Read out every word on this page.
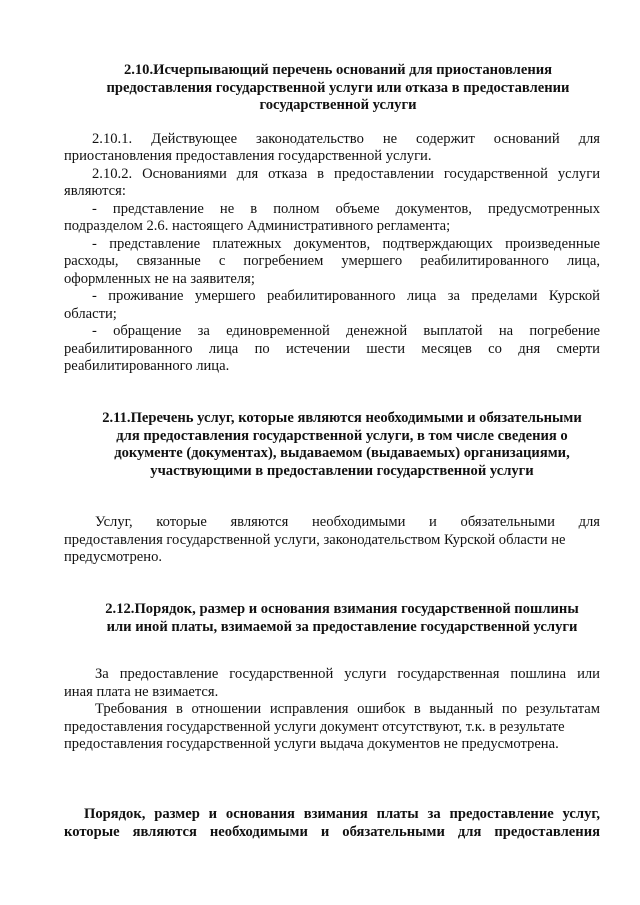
2.10.Исчерпывающий перечень оснований для приостановления
предоставления государственной услуги или отказа в предоставлении
государственной услуги
2.10.1. Действующее законодательство не содержит оснований для
приостановления предоставления государственной услуги.
2.10.2. Основаниями для отказа в предоставлении государственной услуги
являются:
- представление не в полном объеме документов, предусмотренных
подразделом 2.6. настоящего Административного регламента;
- представление платежных документов, подтверждающих произведенные
расходы, связанные с погребением умершего реабилитированного лица,
оформленных не на заявителя;
- проживание умершего реабилитированного лица за пределами Курской
области;
- обращение за единовременной денежной выплатой на погребение
реабилитированного лица по истечении шести месяцев со дня смерти
реабилитированного лица.
2.11.Перечень услуг, которые являются необходимыми и обязательными
для предоставления государственной услуги, в том числе сведения о
документе (документах), выдаваемом (выдаваемых) организациями,
участвующими в предоставлении государственной услуги
Услуг, которые являются необходимыми и обязательными для
предоставления государственной услуги, законодательством Курской области не
предусмотрено.
2.12.Порядок, размер и основания взимания государственной пошлины
или иной платы, взимаемой за предоставление государственной услуги
За предоставление государственной услуги государственная пошлина или
иная плата не взимается.
Требования в отношении исправления ошибок в выданный по результатам
предоставления государственной услуги документ отсутствуют, т.к. в результате
предоставления государственной услуги выдача документов не предусмотрена.
Порядок, размер и основания взимания платы за предоставление услуг,
которые являются необходимыми и обязательными для предоставления
